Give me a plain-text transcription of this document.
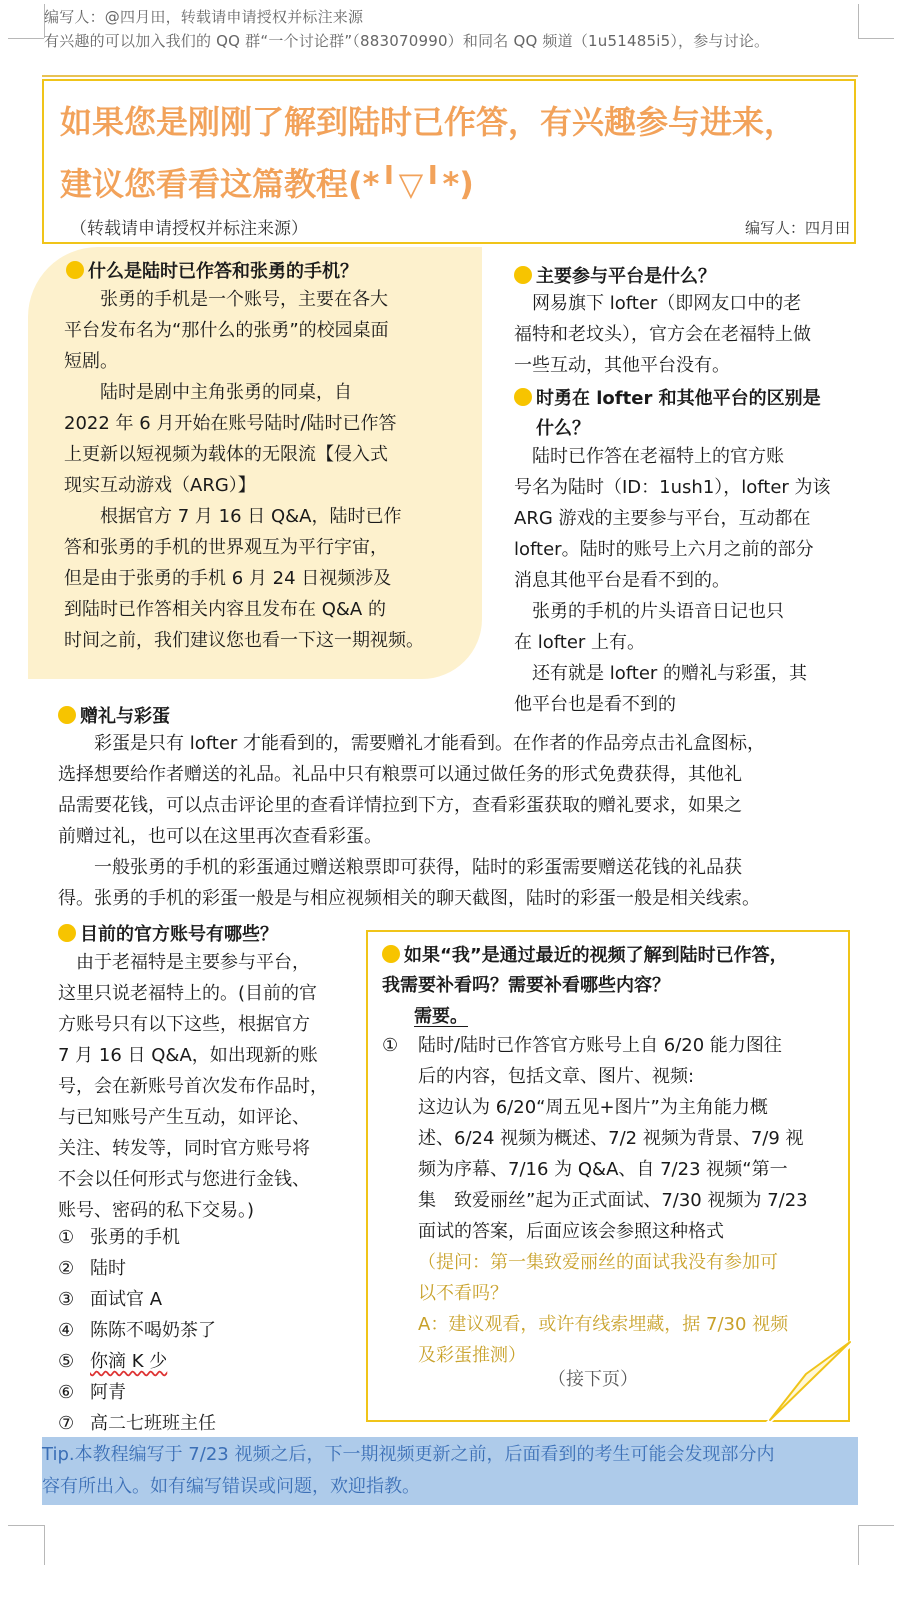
编写人：@四月田，转载请申请授权并标注来源
有兴趣的可以加入我们的 QQ 群“一个讨论群”（883070990）和同名 QQ 频道（1u51485i5），参与讨论。
如果您是刚刚了解到陆时已作答，有兴趣参与进来，
建议您看看这篇教程(*╹▽╹*)
（转载请申请授权并标注来源）	编写人：四月田
什么是陆时已作答和张勇的手机？
　　张勇的手机是一个账号，主要在各大
平台发布名为“那什么的张勇”的校园桌面
短剧。
　　陆时是剧中主角张勇的同桌，自
2022 年 6 月开始在账号陆时/陆时已作答
上更新以短视频为载体的无限流【侵入式
现实互动游戏（ARG）】
　　根据官方 7 月 16 日 Q&A，陆时已作
答和张勇的手机的世界观互为平行宇宙，
但是由于张勇的手机 6 月 24 日视频涉及
到陆时已作答相关内容且发布在 Q&A 的
时间之前，我们建议您也看一下这一期视频。
主要参与平台是什么？
　网易旗下 lofter（即网友口中的老
福特和老坟头），官方会在老福特上做
一些互动，其他平台没有。
时勇在 lofter 和其他平台的区别是
什么？
　陆时已作答在老福特上的官方账
号名为陆时（ID：1ush1），lofter 为该
ARG 游戏的主要参与平台，互动都在
lofter。陆时的账号上六月之前的部分
消息其他平台是看不到的。
　张勇的手机的片头语音日记也只
在 lofter 上有。
　还有就是 lofter 的赠礼与彩蛋，其
他平台也是看不到的
赠礼与彩蛋
　　彩蛋是只有 lofter 才能看到的，需要赠礼才能看到。在作者的作品旁点击礼盒图标，
选择想要给作者赠送的礼品。礼品中只有粮票可以通过做任务的形式免费获得，其他礼
品需要花钱，可以点击评论里的查看详情拉到下方，查看彩蛋获取的赠礼要求，如果之
前赠过礼，也可以在这里再次查看彩蛋。
　　一般张勇的手机的彩蛋通过赠送粮票即可获得，陆时的彩蛋需要赠送花钱的礼品获
得。张勇的手机的彩蛋一般是与相应视频相关的聊天截图，陆时的彩蛋一般是相关线索。
目前的官方账号有哪些？
　由于老福特是主要参与平台，
这里只说老福特上的。(目前的官
方账号只有以下这些，根据官方
7 月 16 日 Q&A，如出现新的账
号，会在新账号首次发布作品时，
与已知账号产生互动，如评论、
关注、转发等，同时官方账号将
不会以任何形式与您进行金钱、
账号、密码的私下交易。)
① 张勇的手机
② 陆时
③ 面试官 A
④ 陈陈不喝奶茶了
⑤ 你滴 K 少
⑥ 阿青
⑦ 高二七班班主任
如果“我”是通过最近的视频了解到陆时已作答，
我需要补看吗？需要补看哪些内容？
需要。
① 陆时/陆时已作答官方账号上自 6/20 能力图往
后的内容，包括文章、图片、视频:
这边认为 6/20“周五见+图片”为主角能力概
述、6/24 视频为概述、7/2 视频为背景、7/9 视
频为序幕、7/16 为 Q&A、自 7/23 视频“第一
集　致爱丽丝”起为正式面试、7/30 视频为 7/23
面试的答案，后面应该会参照这种格式
（提问：第一集致爱丽丝的面试我没有参加可
以不看吗？
A：建议观看，或许有线索埋藏，据 7/30 视频
及彩蛋推测）
（接下页）
Tip.本教程编写于 7/23 视频之后，下一期视频更新之前，后面看到的考生可能会发现部分内
容有所出入。如有编写错误或问题，欢迎指教。
